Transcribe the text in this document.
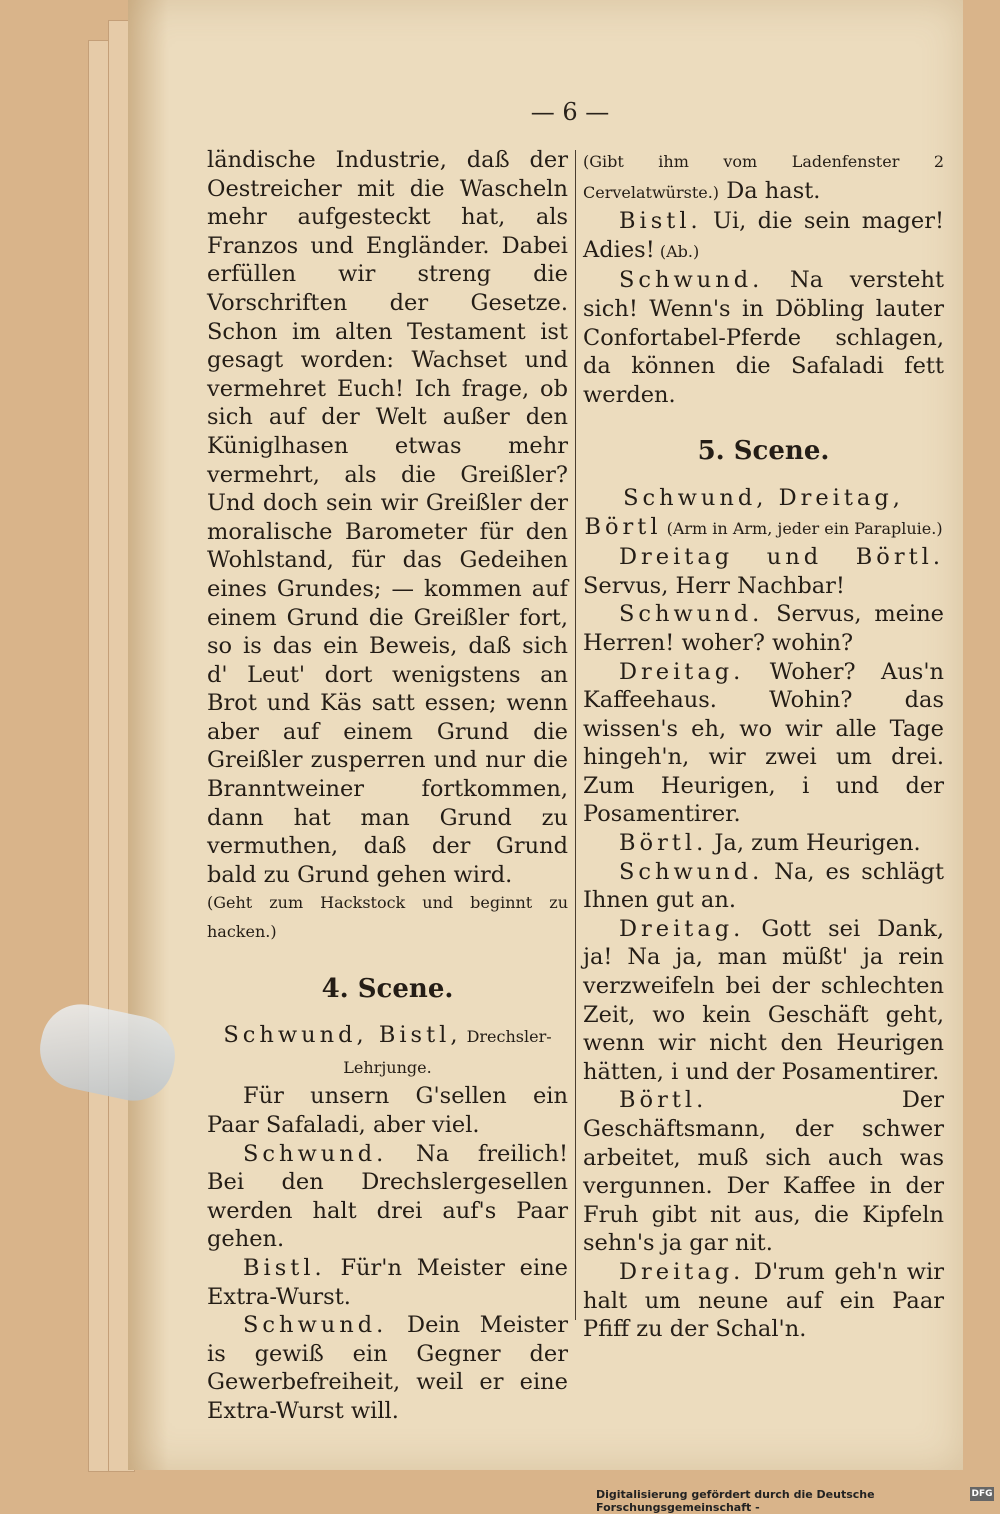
— 6 —

ländische Industrie, daß der Oestreicher mit die Waschеln mehr aufgesteckt hat, als Franzos und Engländer. Dabei erfüllen wir streng die Vorschriften der Gesetze. Schon im alten Testament ist gesagt worden: Wachset und vermehret Euch! Ich frage, ob sich auf der Welt außer den Küniglhasen etwas mehr vermehrt, als die Greißler? Und doch sein wir Greißler der moralische Barometer für den Wohlstand, für das Gedeihen eines Grundes; — kommen auf einem Grund die Greißler fort, so is das ein Beweis, daß sich d' Leut' dort wenigstens an Brot und Käs satt essen; wenn aber auf einem Grund die Greißler zusperren und nur die Branntweiner fortkommen, dann hat man Grund zu vermuthen, daß der Grund bald zu Grund gehen wird.

(Geht zum Hackstock und beginnt zu hacken.)

4. Scene.

Schwund, Bistl, Drechsler-Lehrjunge.

Für unsern G'sellen ein Paar Safaladi, aber viel.

Schwund. Na freilich! Bei den Drechslergesellen werden halt drei auf's Paar gehen.

Bistl. Für'n Meister eine Extra-Wurst.

Schwund. Dein Meister is gewiß ein Gegner der Gewerbefreiheit, weil er eine Extra-Wurst will.

(Gibt ihm vom Ladenfenster 2 Cervelatwürste.) Da hast.

Bistl. Ui, die sein mager! Adies! (Ab.)

Schwund. Na versteht sich! Wenn's in Döbling lauter Confortabel-Pferde schlagen, da können die Safaladi fett werden.

5. Scene.

Schwund, Dreitag, Börtl (Arm in Arm, jeder ein Parapluie.)

Dreitag und Börtl. Servus, Herr Nachbar!

Schwund. Servus, meine Herren! woher? wohin?

Dreitag. Woher? Aus'n Kaffeehaus. Wohin? das wissen's eh, wo wir alle Tage hingeh'n, wir zwei um drei. Zum Heurigen, i und der Posamentirer.

Börtl. Ja, zum Heurigen.

Schwund. Na, es schlägt Ihnen gut an.

Dreitag. Gott sei Dank, ja! Na ja, man müßt' ja rein verzweifeln bei der schlechten Zeit, wo kein Geschäft geht, wenn wir nicht den Heurigen hätten, i und der Posamentirer.

Börtl.	Der Geschäftsmann, der schwer arbeitet, muß sich auch was vergunnen. Der Kaffee in der Fruh gibt nit aus, die Kipfeln sehn's ja gar nit.

Dreitag. D'rum geh'n wir halt um neune auf ein Paar Pfiff zu der Schal'n.

Digitalisierung gefördert durch die Deutsche Forschungsgemeinschaft -
DFG
